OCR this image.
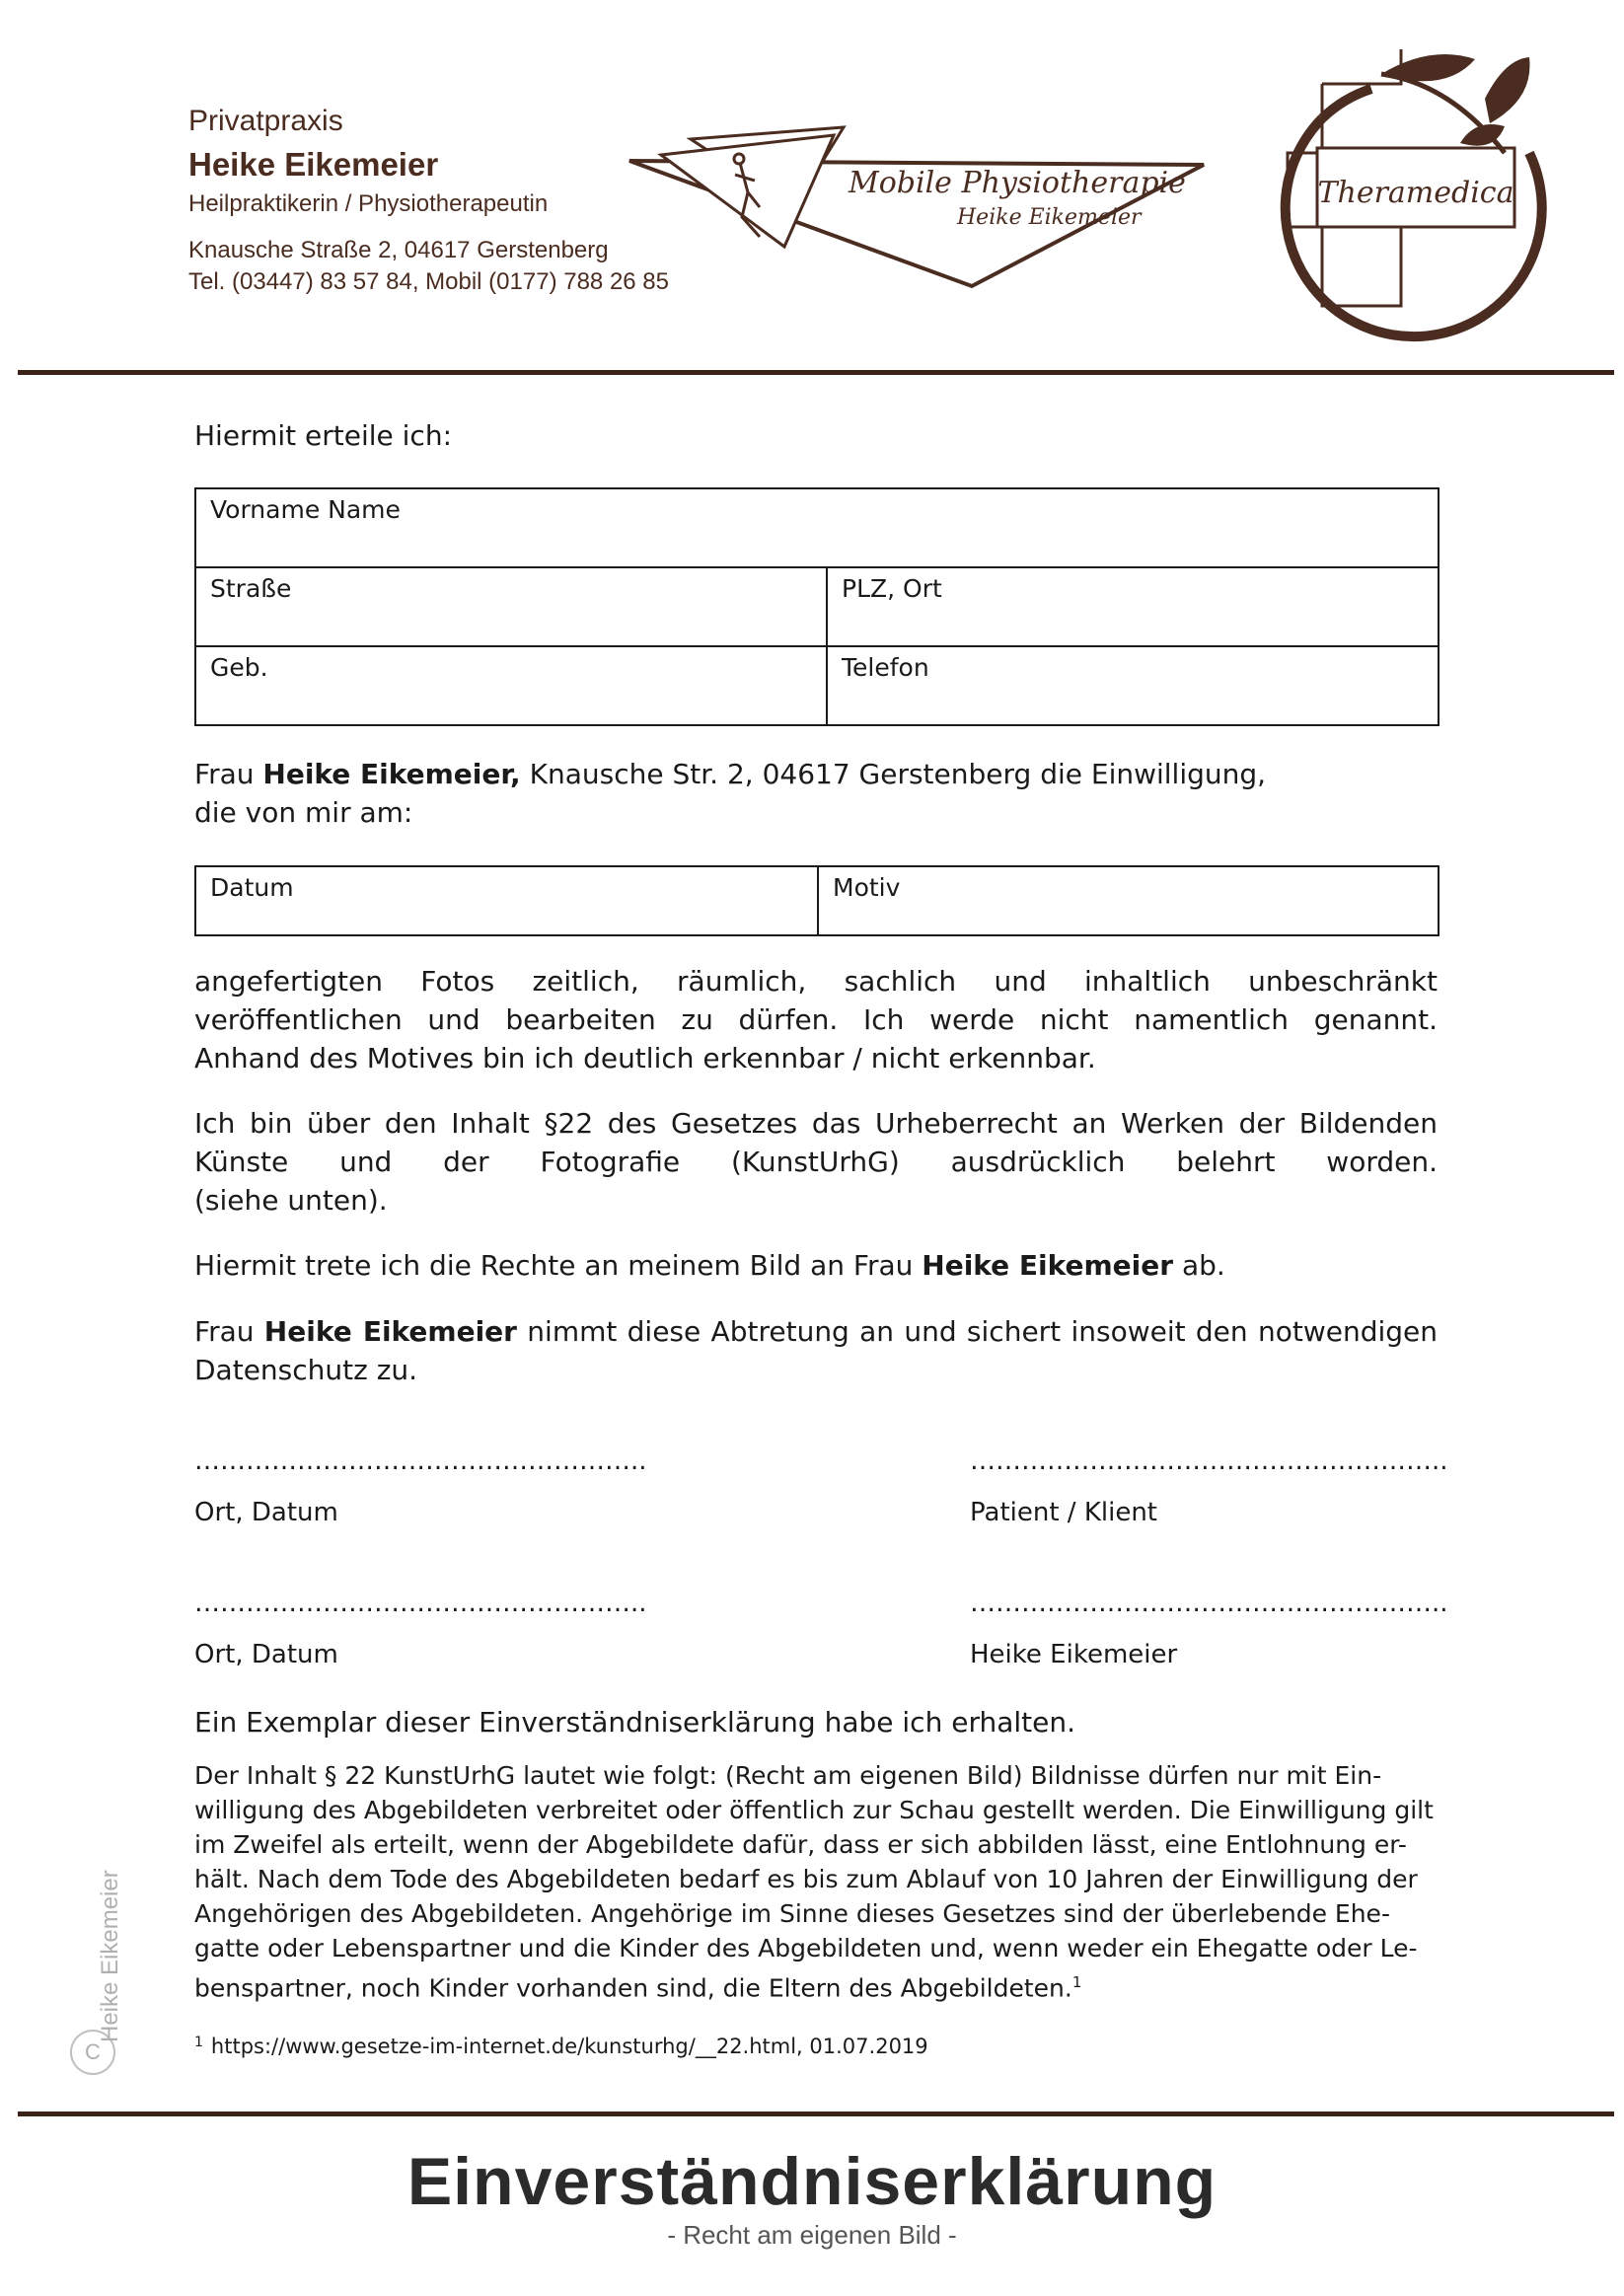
Privatpraxis
Heike Eikemeier
Heilpraktikerin / Physiotherapeutin
Knausche Straße 2, 04617 Gerstenberg
Tel. (03447) 83 57 84, Mobil (0177) 788 26 85
Mobile Physiotherapie
Heike Eikemeier
Theramedica
Hiermit erteile ich:
Vorname Name	
Straße	PLZ, Ort
Geb.	Telefon
Frau Heike Eikemeier, Knausche Str. 2, 04617 Gerstenberg die Einwilligung,
die von mir am:
Datum	Motiv
angefertigten Fotos zeitlich, räumlich, sachlich und inhaltlich unbeschränkt veröffentlichen und bearbeiten zu dürfen. Ich werde nicht namentlich genannt.
Anhand des Motives bin ich deutlich erkennbar / nicht erkennbar.
Ich bin über den Inhalt §22 des Gesetzes das Urheberrecht an Werken der Bildenden Künste und der Fotografie (KunstUrhG) ausdrücklich belehrt worden.
(siehe unten).
Hiermit trete ich die Rechte an meinem Bild an Frau Heike Eikemeier ab.
Frau Heike Eikemeier nimmt diese Abtretung an und sichert insoweit den notwendigen
Datenschutz zu.
……………………………………………..	………………………………………………..
Ort, Datum	Patient / Klient
……………………………………………..	………………………………………………..
Ort, Datum	Heike Eikemeier
Ein Exemplar dieser Einverständniserklärung habe ich erhalten.
Der Inhalt § 22 KunstUrhG lautet wie folgt: (Recht am eigenen Bild) Bildnisse dürfen nur mit Ein-
willigung des Abgebildeten verbreitet oder öffentlich zur Schau gestellt werden. Die Einwilligung gilt
im Zweifel als erteilt, wenn der Abgebildete dafür, dass er sich abbilden lässt, eine Entlohnung er-
hält. Nach dem Tode des Abgebildeten bedarf es bis zum Ablauf von 10 Jahren der Einwilligung der
Angehörigen des Abgebildeten. Angehörige im Sinne dieses Gesetzes sind der überlebende Ehe-
gatte oder Lebenspartner und die Kinder des Abgebildeten und, wenn weder ein Ehegatte oder Le-
benspartner, noch Kinder vorhanden sind, die Eltern des Abgebildeten.$^1$
$^1$ https://www.gesetze-im-internet.de/kunsturhg/__22.html, 01.07.2019
C
Heike Eikemeier
Einverständniserklärung
- Recht am eigenen Bild -
